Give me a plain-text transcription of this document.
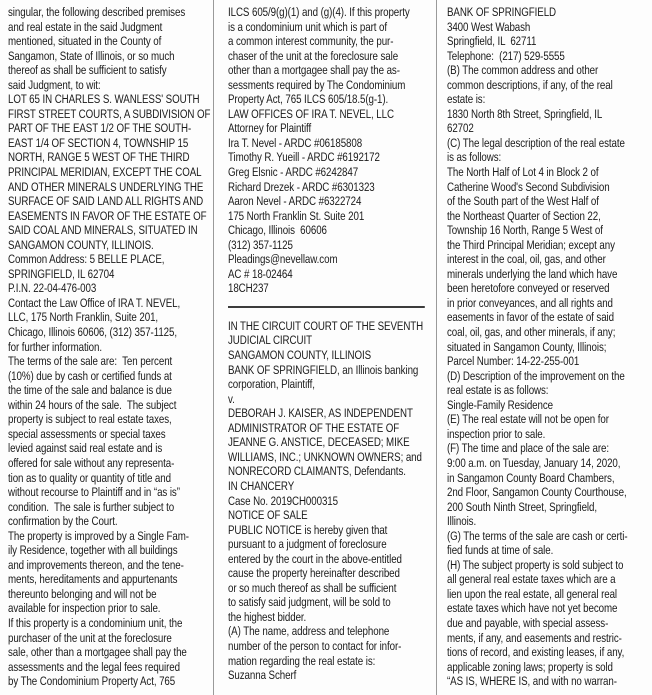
singular, the following described premises
and real estate in the said Judgment
mentioned, situated in the County of
Sangamon, State of Illinois, or so much
thereof as shall be sufficient to satisfy
said Judgment, to wit:
LOT 65 IN CHARLES S. WANLESS' SOUTH
FIRST STREET COURTS, A SUBDIVISION OF
PART OF THE EAST 1/2 OF THE SOUTH-
EAST 1/4 OF SECTION 4, TOWNSHIP 15
NORTH, RANGE 5 WEST OF THE THIRD
PRINCIPAL MERIDIAN, EXCEPT THE COAL
AND OTHER MINERALS UNDERLYING THE
SURFACE OF SAID LAND ALL RIGHTS AND
EASEMENTS IN FAVOR OF THE ESTATE OF
SAID COAL AND MINERALS, SITUATED IN
SANGAMON COUNTY, ILLINOIS.
Common Address: 5 BELLE PLACE,
SPRINGFIELD, IL 62704
P.I.N. 22-04-476-003
Contact the Law Office of IRA T. NEVEL,
LLC, 175 North Franklin, Suite 201,
Chicago, Illinois 60606, (312) 357-1125,
for further information.
The terms of the sale are:  Ten percent
(10%) due by cash or certified funds at
the time of the sale and balance is due
within 24 hours of the sale.  The subject
property is subject to real estate taxes,
special assessments or special taxes
levied against said real estate and is
offered for sale without any representa-
tion as to quality or quantity of title and
without recourse to Plaintiff and in “as is”
condition.  The sale is further subject to
confirmation by the Court.
The property is improved by a Single Fam-
ily Residence, together with all buildings
and improvements thereon, and the tene-
ments, hereditaments and appurtenants
thereunto belonging and will not be
available for inspection prior to sale.
If this property is a condominium unit, the
purchaser of the unit at the foreclosure
sale, other than a mortgagee shall pay the
assessments and the legal fees required
by The Condominium Property Act, 765
ILCS 605/9(g)(1) and (g)(4). If this property
is a condominium unit which is part of
a common interest community, the pur-
chaser of the unit at the foreclosure sale
other than a mortgagee shall pay the as-
sessments required by The Condominium
Property Act, 765 ILCS 605/18.5(g-1).
LAW OFFICES OF IRA T. NEVEL, LLC
Attorney for Plaintiff
Ira T. Nevel - ARDC #06185808
Timothy R. Yueill - ARDC #6192172
Greg Elsnic - ARDC #6242847
Richard Drezek - ARDC #6301323
Aaron Nevel - ARDC #6322724
175 North Franklin St. Suite 201
Chicago, Illinois  60606
(312) 357-1125
Pleadings@nevellaw.com
AC # 18-02464
18CH237
IN THE CIRCUIT COURT OF THE SEVENTH
JUDICIAL CIRCUIT
SANGAMON COUNTY, ILLINOIS
BANK OF SPRINGFIELD, an Illinois banking
corporation, Plaintiff,
v.
DEBORAH J. KAISER, AS INDEPENDENT
ADMINISTRATOR OF THE ESTATE OF
JEANNE G. ANSTICE, DECEASED; MIKE
WILLIAMS, INC.; UNKNOWN OWNERS; and
NONRECORD CLAIMANTS, Defendants.
IN CHANCERY
Case No. 2019CH000315
NOTICE OF SALE
PUBLIC NOTICE is hereby given that
pursuant to a judgment of foreclosure
entered by the court in the above-entitled
cause the property hereinafter described
or so much thereof as shall be sufficient
to satisfy said judgment, will be sold to
the highest bidder.
(A) The name, address and telephone
number of the person to contact for infor-
mation regarding the real estate is:
Suzanna Scherf
BANK OF SPRINGFIELD
3400 West Wabash
Springfield, IL  62711
Telephone:  (217) 529-5555
(B) The common address and other
common descriptions, if any, of the real
estate is:
1830 North 8th Street, Springfield, IL
62702
(C) The legal description of the real estate
is as follows:
The North Half of Lot 4 in Block 2 of
Catherine Wood's Second Subdivision
of the South part of the West Half of
the Northeast Quarter of Section 22,
Township 16 North, Range 5 West of
the Third Principal Meridian; except any
interest in the coal, oil, gas, and other
minerals underlying the land which have
been heretofore conveyed or reserved
in prior conveyances, and all rights and
easements in favor of the estate of said
coal, oil, gas, and other minerals, if any;
situated in Sangamon County, Illinois;
Parcel Number: 14-22-255-001
(D) Description of the improvement on the
real estate is as follows:
Single-Family Residence
(E) The real estate will not be open for
inspection prior to sale.
(F) The time and place of the sale are:
9:00 a.m. on Tuesday, January 14, 2020,
in Sangamon County Board Chambers,
2nd Floor, Sangamon County Courthouse,
200 South Ninth Street, Springfield,
Illinois.
(G) The terms of the sale are cash or certi-
fied funds at time of sale.
(H) The subject property is sold subject to
all general real estate taxes which are a
lien upon the real estate, all general real
estate taxes which have not yet become
due and payable, with special assess-
ments, if any, and easements and restric-
tions of record, and existing leases, if any,
applicable zoning laws; property is sold
“AS IS, WHERE IS, and with no warran-
